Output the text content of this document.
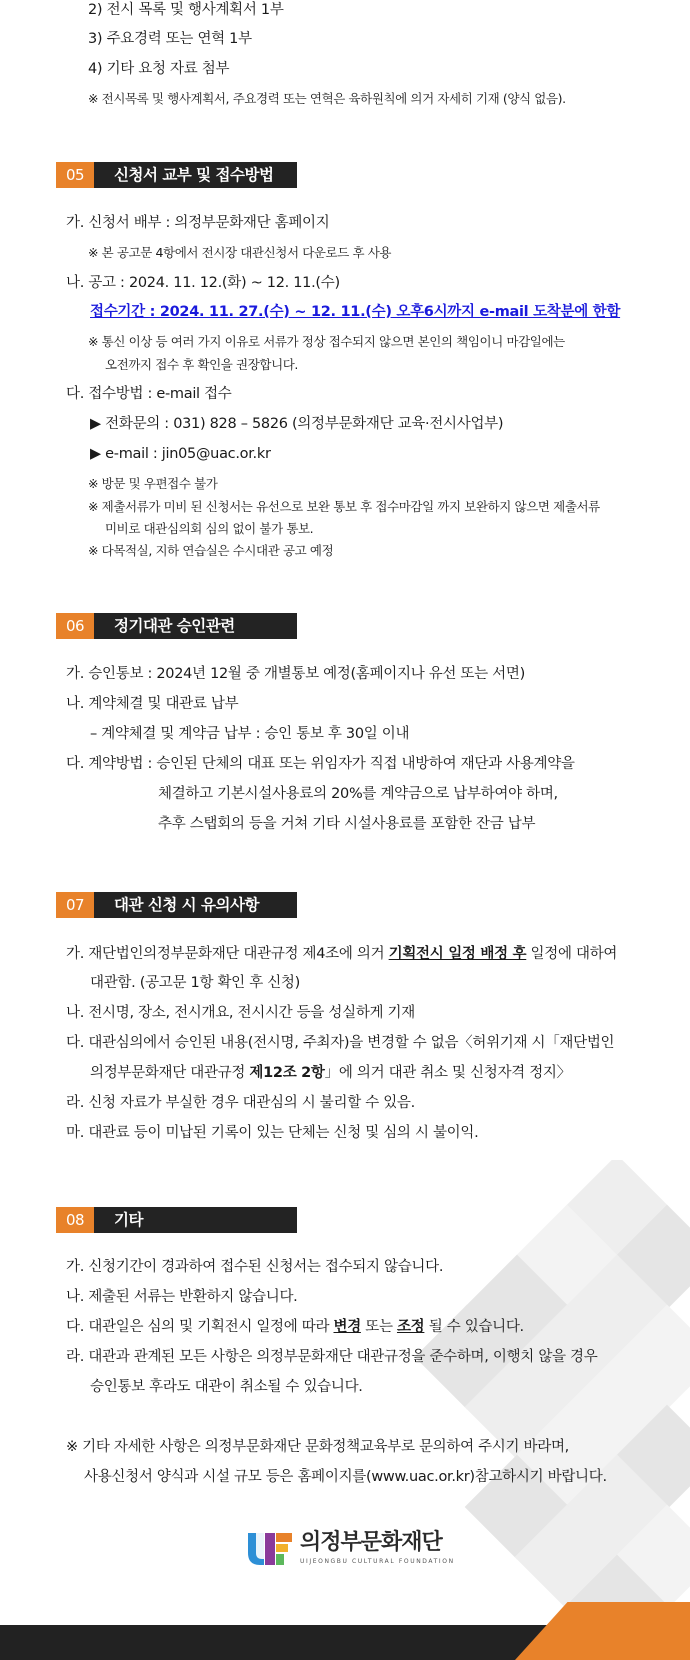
2) 전시 목록 및 행사계획서 1부
3) 주요경력 또는 연혁 1부
4) 기타 요청 자료 첨부
※ 전시목록 및 행사계획서, 주요경력 또는 연혁은 육하원칙에 의거 자세히 기재 (양식 없음).
05	신청서 교부 및 접수방법
가. 신청서 배부 : 의정부문화재단 홈페이지
※ 본 공고문 4항에서 전시장 대관신청서 다운로드 후 사용
나. 공고 : 2024. 11. 12.(화) ~ 12. 11.(수)
접수기간 : 2024. 11. 27.(수) ~ 12. 11.(수) 오후6시까지 e-mail 도착분에 한함
※ 통신 이상 등 여러 가지 이유로 서류가 정상 접수되지 않으면 본인의 책임이니 마감일에는
오전까지 접수 후 확인을 권장합니다.
다. 접수방법 : e-mail 접수
▶ 전화문의 : 031) 828 – 5826 (의정부문화재단 교육·전시사업부)
▶ e-mail : jin05@uac.or.kr
※ 방문 및 우편접수 불가
※ 제출서류가 미비 된 신청서는 유선으로 보완 통보 후 접수마감일 까지 보완하지 않으면 제출서류
미비로 대관심의회 심의 없이 불가 통보.
※ 다목적실, 지하 연습실은 수시대관 공고 예정
06	정기대관 승인관련
가. 승인통보 : 2024년 12월 중 개별통보 예정(홈페이지나 유선 또는 서면)
나. 계약체결 및 대관료 납부
– 계약체결 및 계약금 납부 : 승인 통보 후 30일 이내
다. 계약방법 : 승인된 단체의 대표 또는 위임자가 직접 내방하여 재단과 사용계약을
체결하고 기본시설사용료의 20%를 계약금으로 납부하여야 하며,
추후 스탭회의 등을 거쳐 기타 시설사용료를 포함한 잔금 납부
07	대관 신청 시 유의사항
가. 재단법인의정부문화재단 대관규정 제4조에 의거 기획전시 일정 배정 후 일정에 대하여
대관함. (공고문 1항 확인 후 신청)
나. 전시명, 장소, 전시개요, 전시시간 등을 성실하게 기재
다. 대관심의에서 승인된 내용(전시명, 주최자)을 변경할 수 없음〈허위기재 시「재단법인
의정부문화재단 대관규정 제12조 2항」에 의거 대관 취소 및 신청자격 정지〉
라. 신청 자료가 부실한 경우 대관심의 시 불리할 수 있음.
마. 대관료 등이 미납된 기록이 있는 단체는 신청 및 심의 시 불이익.
08	기타
가. 신청기간이 경과하여 접수된 신청서는 접수되지 않습니다.
나. 제출된 서류는 반환하지 않습니다.
다. 대관일은 심의 및 기획전시 일정에 따라 변경 또는 조정 될 수 있습니다.
라. 대관과 관계된 모든 사항은 의정부문화재단 대관규정을 준수하며, 이행치 않을 경우
승인통보 후라도 대관이 취소될 수 있습니다.
※ 기타 자세한 사항은 의정부문화재단 문화정책교육부로 문의하여 주시기 바라며,
사용신청서 양식과 시설 규모 등은 홈페이지를(www.uac.or.kr)참고하시기 바랍니다.
의정부문화재단
UIJEONGBU CULTURAL FOUNDATION
